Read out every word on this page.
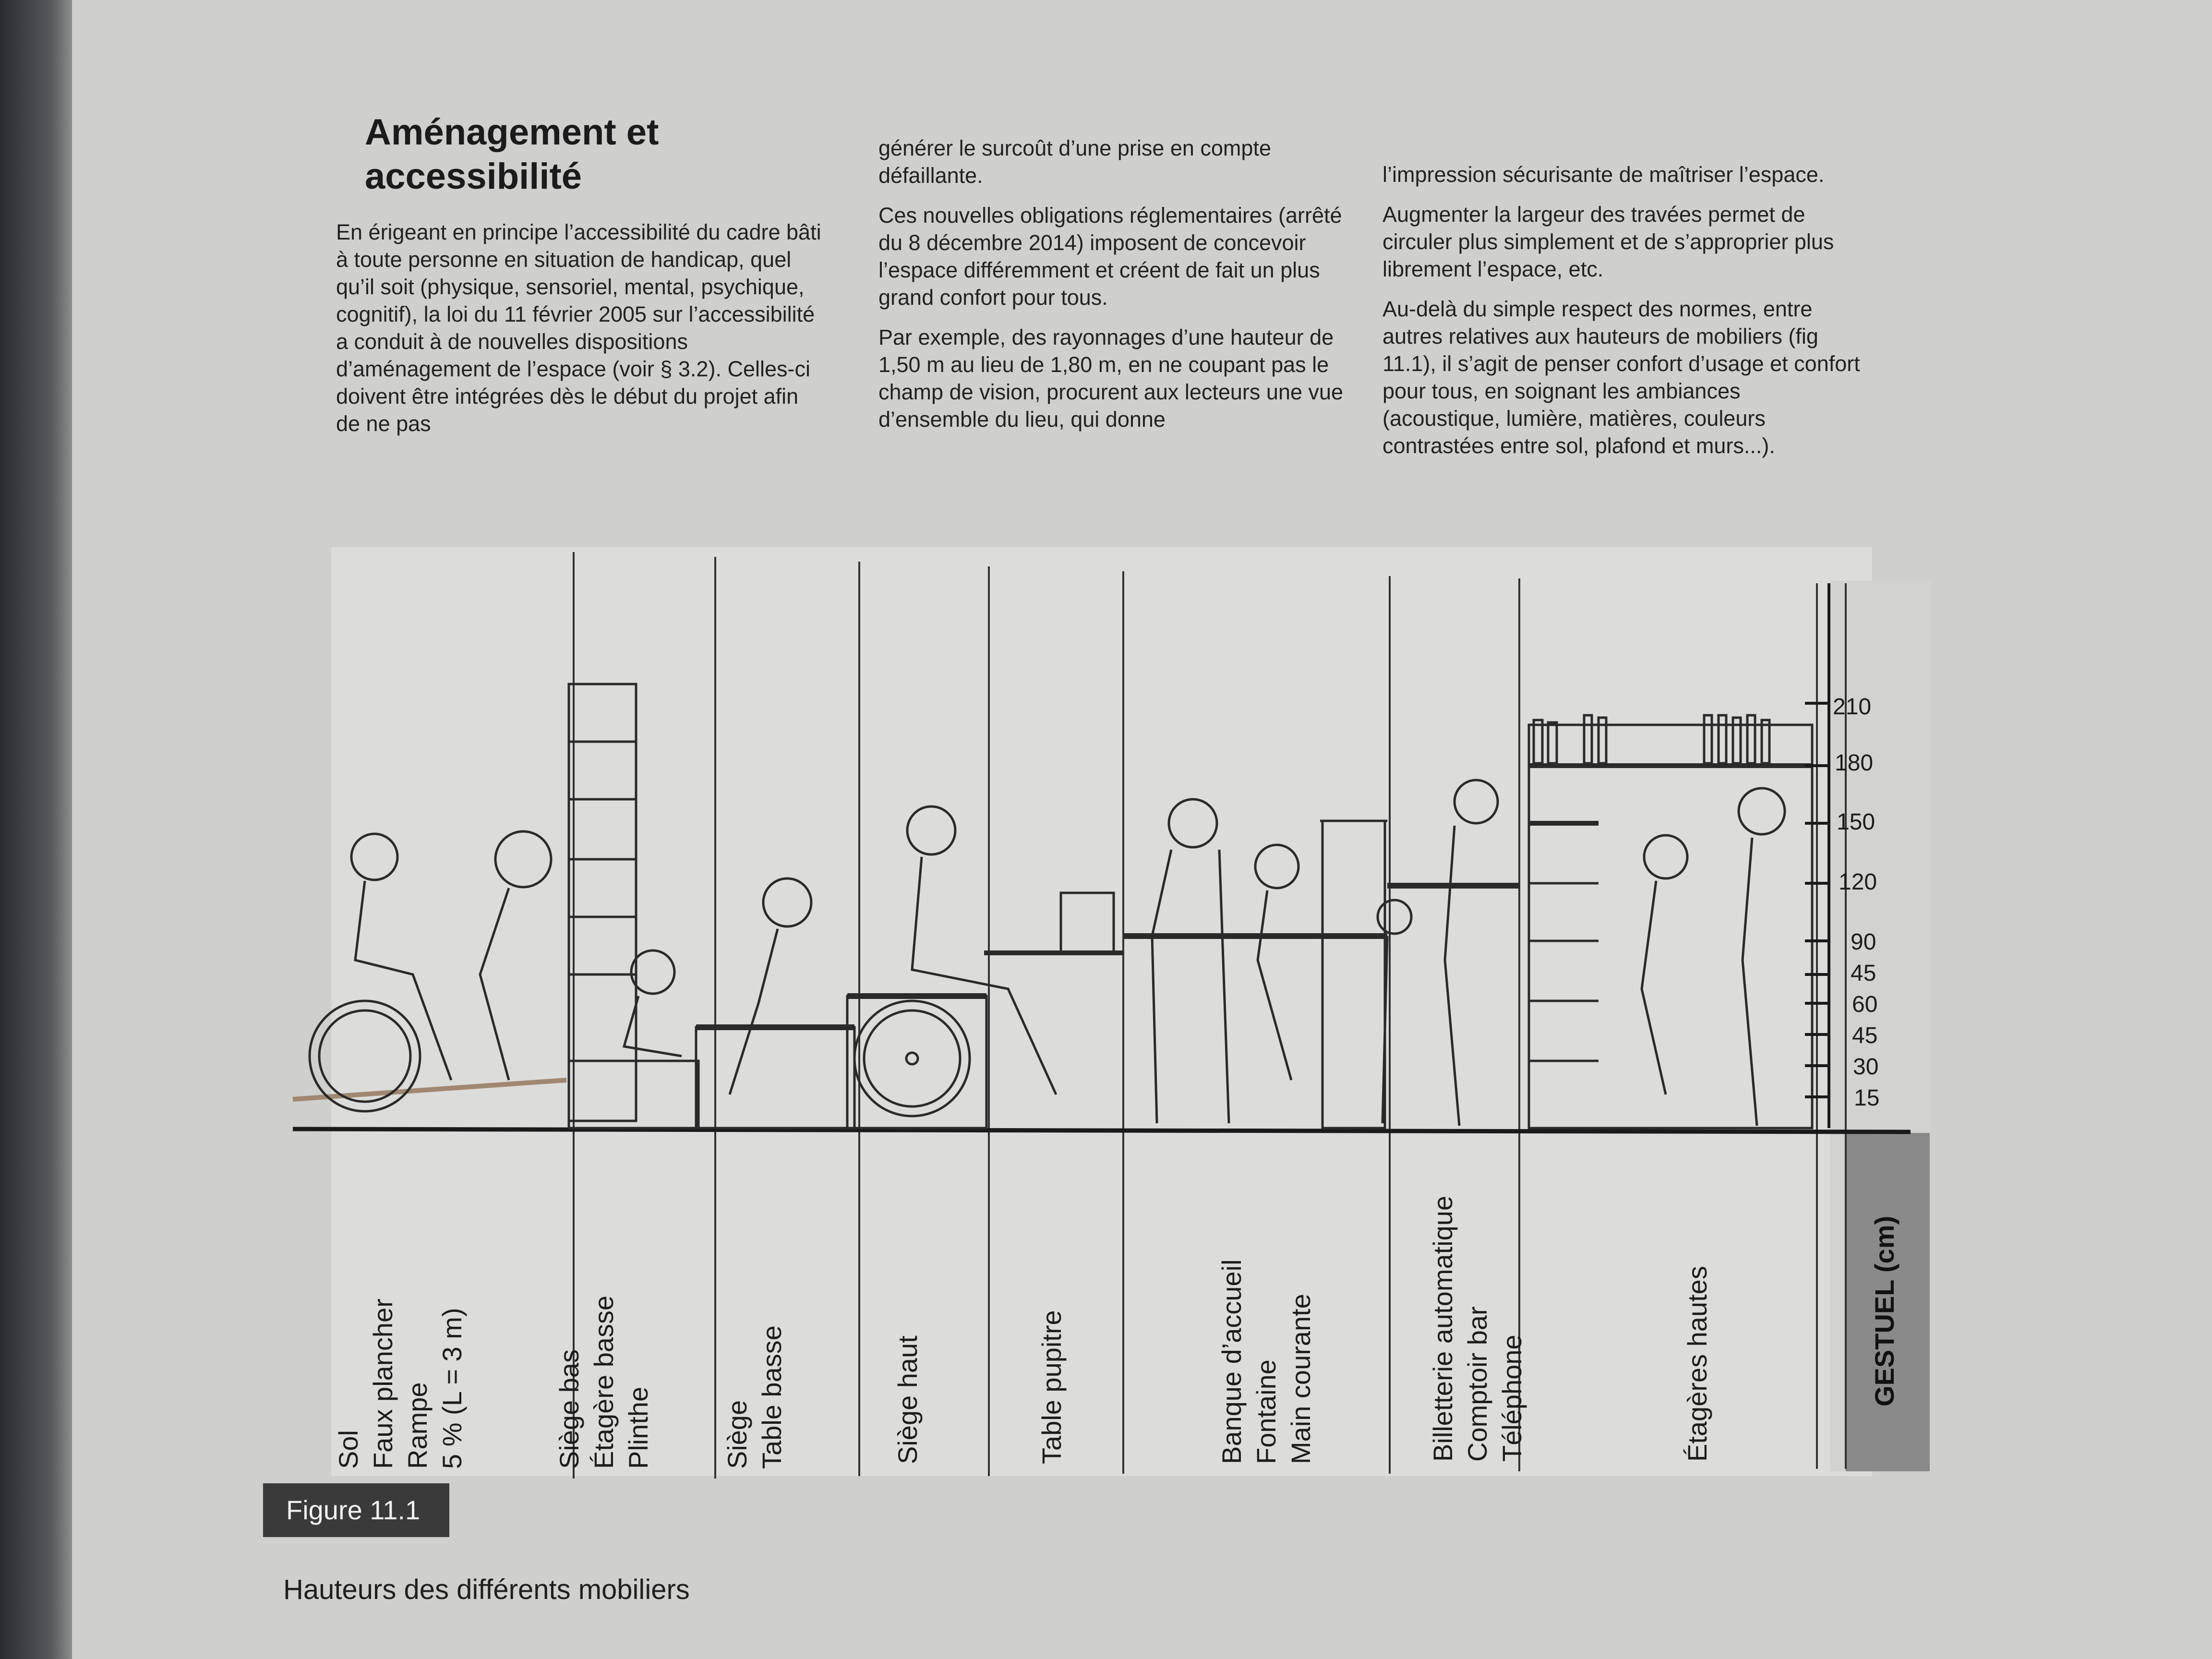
Aménagement et
accessibilité

En érigeant en principe l’accessibilité du cadre bâti à toute personne en situation de handicap, quel qu’il soit (physique, sensoriel, mental, psychique, cognitif), la loi du 11 février 2005 sur l’accessibilité a conduit à de nouvelles dispositions d’aménagement de l’espace (voir § 3.2). Celles-ci doivent être intégrées dès le début du projet afin de ne pas

générer le surcoût d’une prise en compte défaillante.

Ces nouvelles obligations réglementaires (arrêté du 8 décembre 2014) imposent de concevoir l’espace différemment et créent de fait un plus grand confort pour tous.

Par exemple, des rayonnages d’une hauteur de 1,50 m au lieu de 1,80 m, en ne coupant pas le champ de vision, procurent aux lecteurs une vue d’ensemble du lieu, qui donne

l’impression sécurisante de maîtriser l’espace.

Augmenter la largeur des travées permet de circuler plus simplement et de s’approprier plus librement l’espace, etc.

Au-delà du simple respect des normes, entre autres relatives aux hauteurs de mobiliers (fig 11.1), il s’agit de penser confort d’usage et confort pour tous, en soignant les ambiances (acoustique, lumière, matières, couleurs contrastées entre sol, plafond et murs...).

210
180
150
120
90
45
60
45
30
15
Sol Faux plancher Rampe 5 % (L = 3 m)	Siège bas Étagère basse Plinthe	Siège Table basse	Siège haut	Table pupitre	Banque d’accueil Fontaine Main courante	Billetterie automatique Comptoir bar Téléphone	Étagères hautes	GESTUEL (cm)
Figure 11.1
Hauteurs des différents mobiliers
